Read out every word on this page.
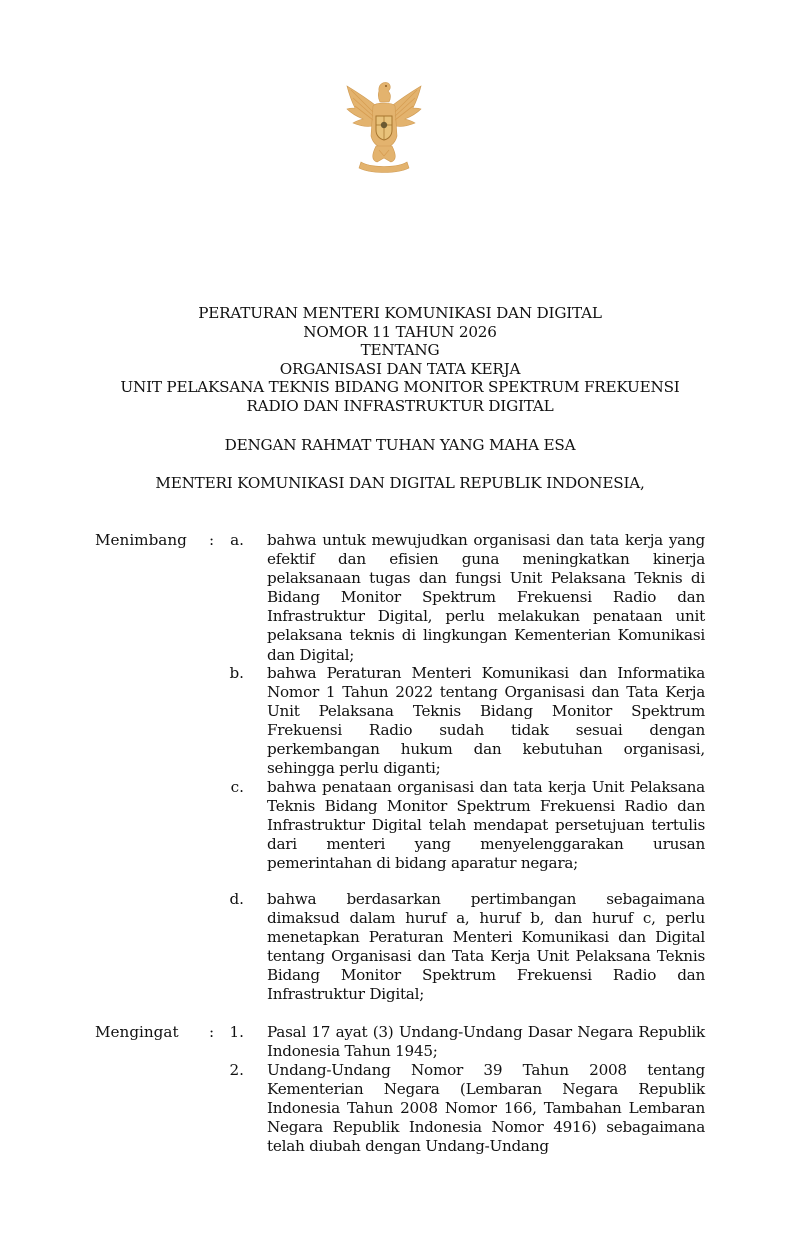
PERATURAN MENTERI KOMUNIKASI DAN DIGITAL
NOMOR 11 TAHUN 2026
TENTANG
ORGANISASI DAN TATA KERJA
UNIT PELAKSANA TEKNIS BIDANG MONITOR SPEKTRUM FREKUENSI
RADIO DAN INFRASTRUKTUR DIGITAL
DENGAN RAHMAT TUHAN YANG MAHA ESA
MENTERI KOMUNIKASI DAN DIGITAL REPUBLIK INDONESIA,
Menimbang :	a. bahwa untuk mewujudkan organisasi dan tata kerja yang efektif dan efisien guna meningkatkan kinerja pelaksanaan tugas dan fungsi Unit Pelaksana Teknis di Bidang Monitor Spektrum Frekuensi Radio dan Infrastruktur Digital, perlu melakukan penataan unit pelaksana teknis di lingkungan Kementerian Komunikasi dan Digital;
b. bahwa Peraturan Menteri Komunikasi dan Informatika Nomor 1 Tahun 2022 tentang Organisasi dan Tata Kerja Unit Pelaksana Teknis Bidang Monitor Spektrum Frekuensi Radio sudah tidak sesuai dengan perkembangan hukum dan kebutuhan organisasi, sehingga perlu diganti;
c. bahwa penataan organisasi dan tata kerja Unit Pelaksana Teknis Bidang Monitor Spektrum Frekuensi Radio dan Infrastruktur Digital telah mendapat persetujuan tertulis dari menteri yang menyelenggarakan urusan pemerintahan di bidang aparatur negara;
d. bahwa berdasarkan pertimbangan sebagaimana dimaksud dalam huruf a, huruf b, dan huruf c, perlu menetapkan Peraturan Menteri Komunikasi dan Digital tentang Organisasi dan Tata Kerja Unit Pelaksana Teknis Bidang Monitor Spektrum Frekuensi Radio dan Infrastruktur Digital;
Mengingat :	1. Pasal 17 ayat (3) Undang-Undang Dasar Negara Republik Indonesia Tahun 1945;
2. Undang-Undang Nomor 39 Tahun 2008 tentang Kementerian Negara (Lembaran Negara Republik Indonesia Tahun 2008 Nomor 166, Tambahan Lembaran Negara Republik Indonesia Nomor 4916) sebagaimana telah diubah dengan Undang-Undang
